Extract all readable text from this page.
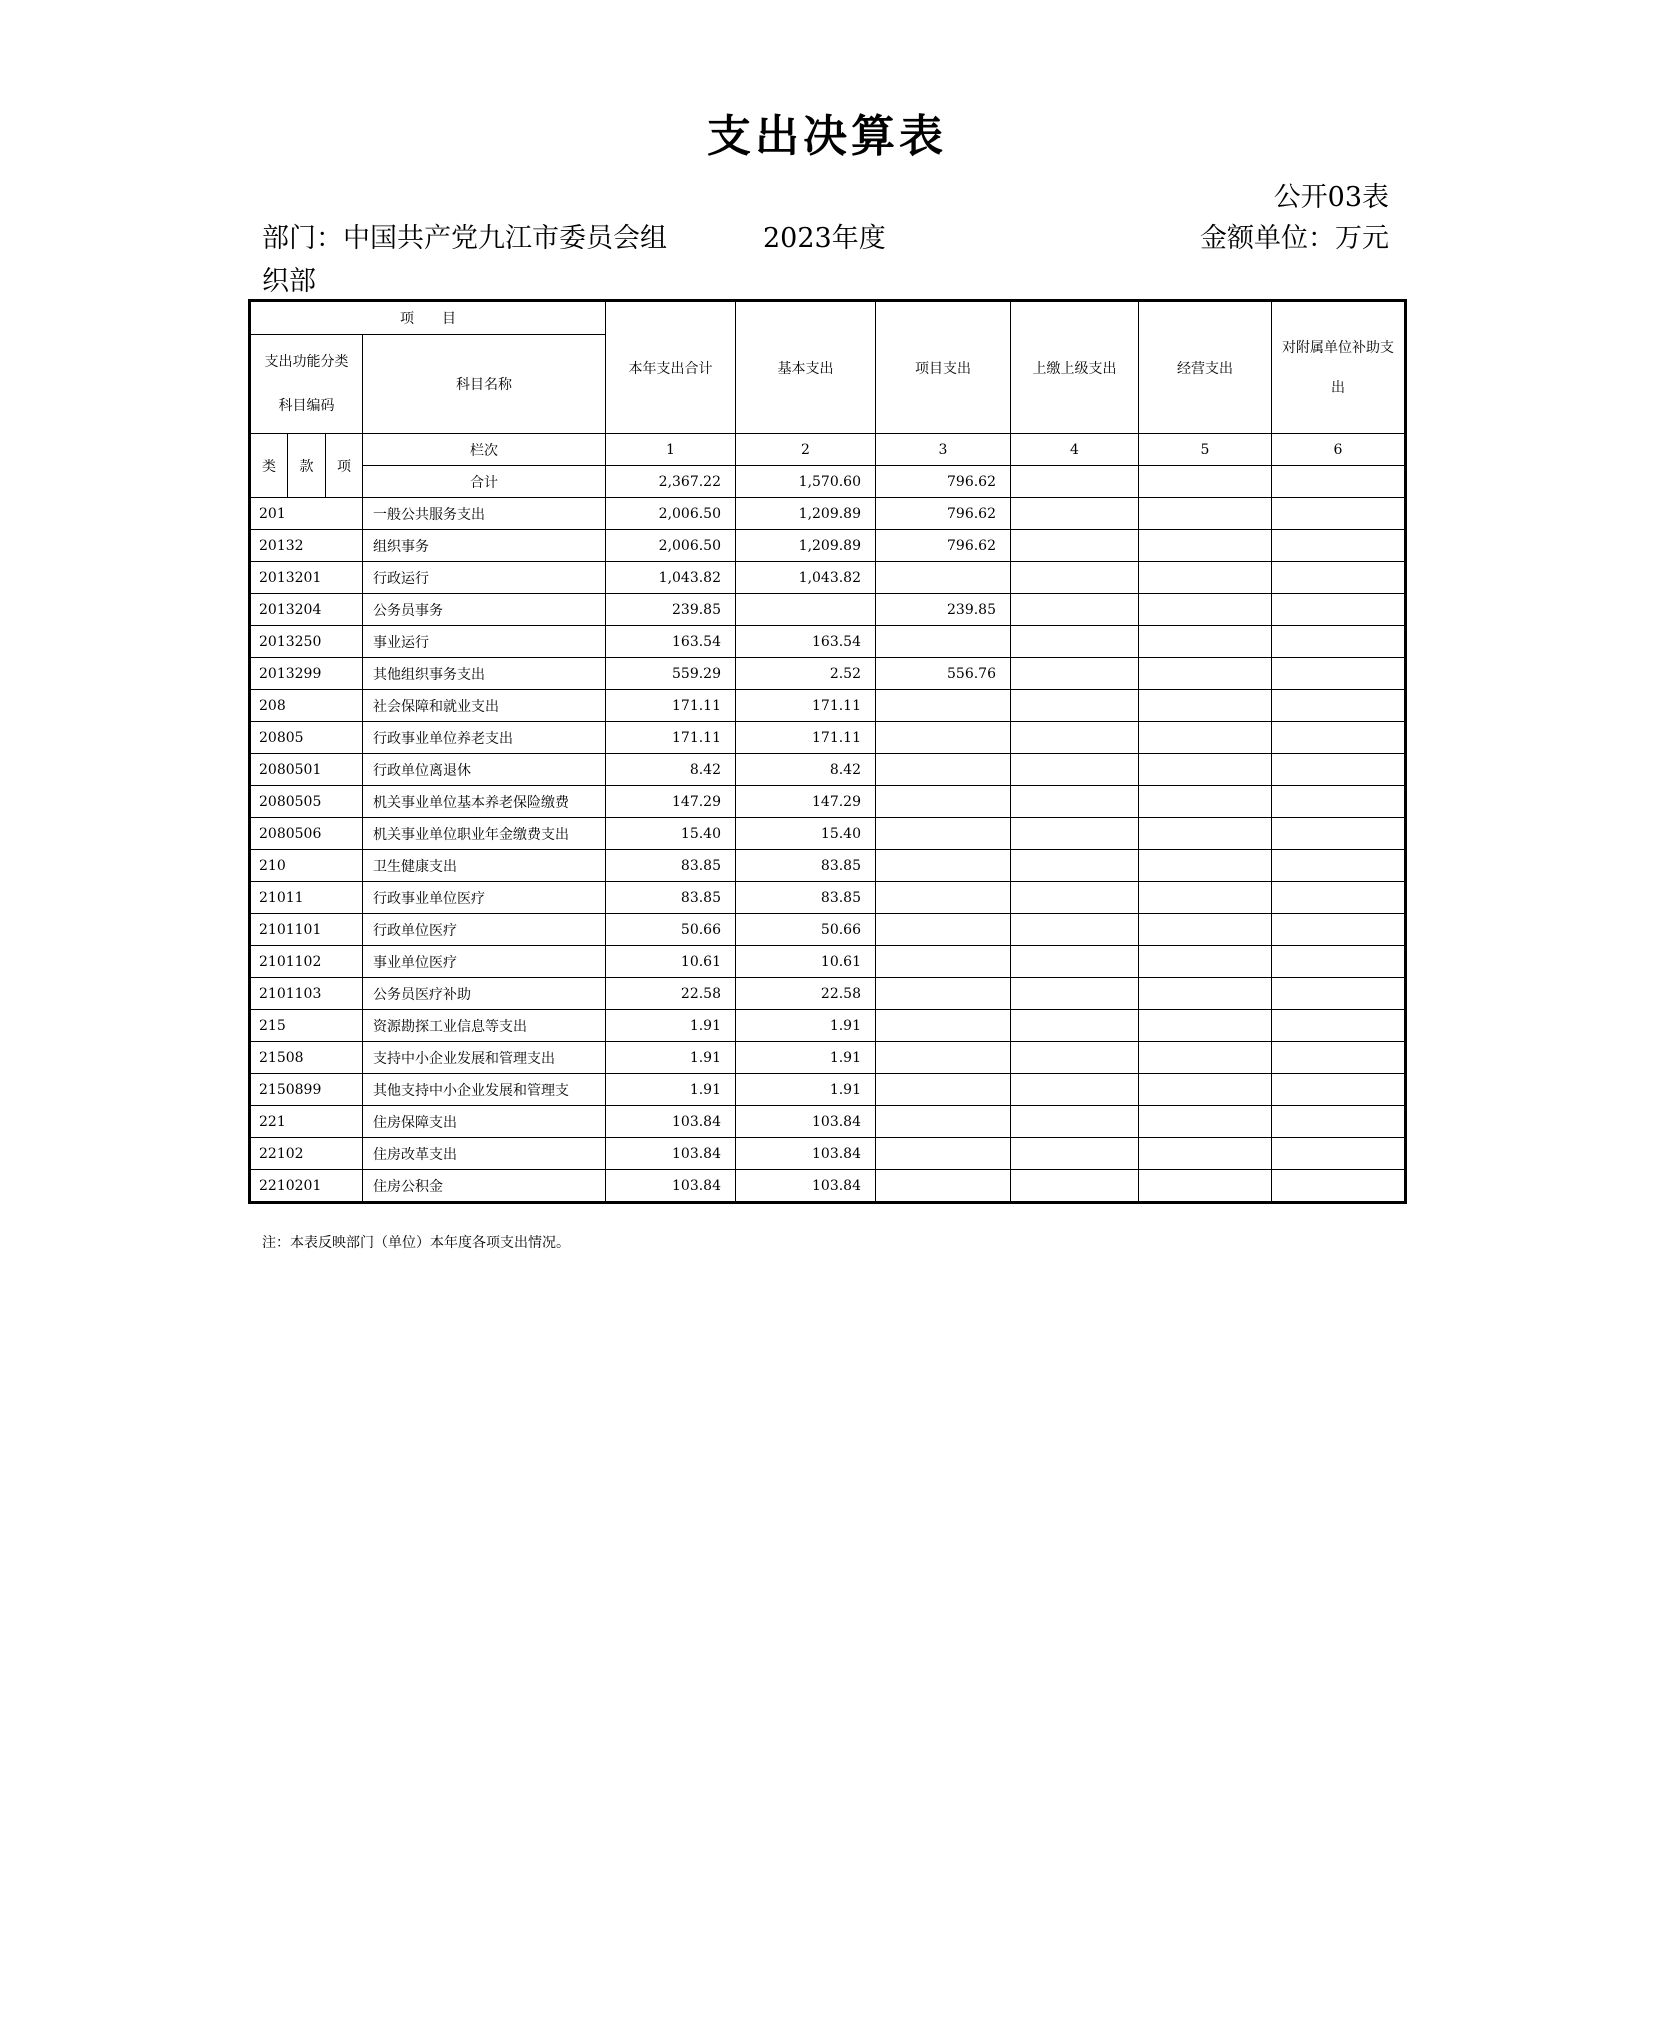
支出决算表
公开03表
部门：中国共产党九江市委员会组织部
2023年度	金额单位：万元
项　　目				本年支出合计	基本支出	项目支出	上缴上级支出	经营支出	对附属单位补助支出
支出功能分类科目编码			科目名称						
类	款	项	栏次	1	2	3	4	5	6
			合计	2,367.22	1,570.60	796.62			
201			一般公共服务支出	2,006.50	1,209.89	796.62			
20132			组织事务	2,006.50	1,209.89	796.62			
2013201			行政运行	1,043.82	1,043.82				
2013204			公务员事务	239.85		239.85			
2013250			事业运行	163.54	163.54				
2013299			其他组织事务支出	559.29	2.52	556.76			
208			社会保障和就业支出	171.11	171.11				
20805			行政事业单位养老支出	171.11	171.11				
2080501			行政单位离退休	8.42	8.42				
2080505			机关事业单位基本养老保险缴费	147.29	147.29				
2080506			机关事业单位职业年金缴费支出	15.40	15.40				
210			卫生健康支出	83.85	83.85				
21011			行政事业单位医疗	83.85	83.85				
2101101			行政单位医疗	50.66	50.66				
2101102			事业单位医疗	10.61	10.61				
2101103			公务员医疗补助	22.58	22.58				
215			资源勘探工业信息等支出	1.91	1.91				
21508			支持中小企业发展和管理支出	1.91	1.91				
2150899			其他支持中小企业发展和管理支	1.91	1.91				
221			住房保障支出	103.84	103.84				
22102			住房改革支出	103.84	103.84				
2210201			住房公积金	103.84	103.84				
注：本表反映部门（单位）本年度各项支出情况。
